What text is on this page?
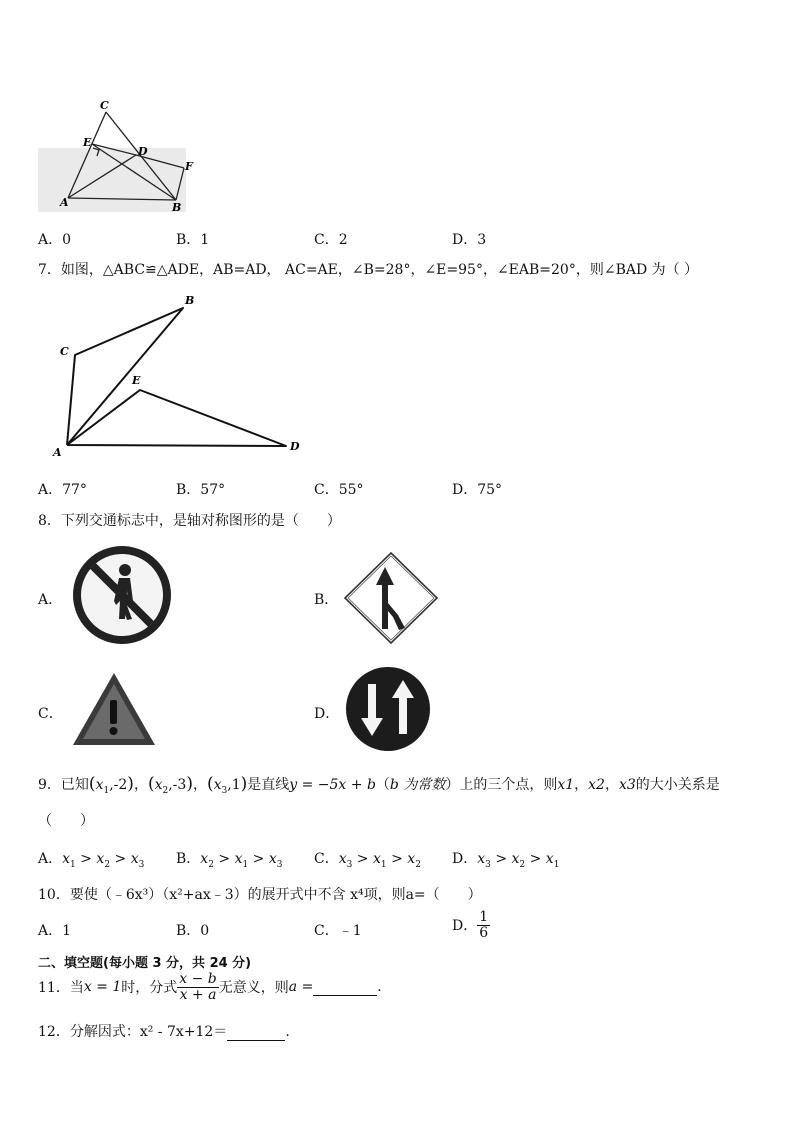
C
E
D
F
A	B
A．0	B．1	C．2	D．3
7．如图，△ABC≌△ADE，AB=AD， AC=AE，∠B=28°，∠E=95°，∠EAB=20°，则∠BAD 为（ ）
B
C
E
A	D
A．77°	B．57°	C．55°	D．75°
8．下列交通标志中，是轴对称图形的是（　　）
A．	B．
C．	D．
9．已知$(x_1,-2)$，$(x_2,-3)$，$(x_3,1)$是直线y = −5x + b（b 为常数）上的三个点，则x1，x2，x3的大小关系是
（　　）
A．$x_1 > x_2 > x_3$ B．$x_2 > x_1 > x_3$ C．$x_3 > x_1 > x_2$ D．$x_3 > x_2 > x_1$
10．要使（﹣6x³）（x²+ax﹣3）的展开式中不含 x⁴项，则a=（　　）
A．1	B．0	C．﹣1	D． $\frac{1}{6}$
二、填空题(每小题 3 分，共 24 分)
11．当x = 1时，分式 $\frac{x - b}{x + a}$ 无意义，则a =	.
12．分解因式：x² - 7x+12＝	.
